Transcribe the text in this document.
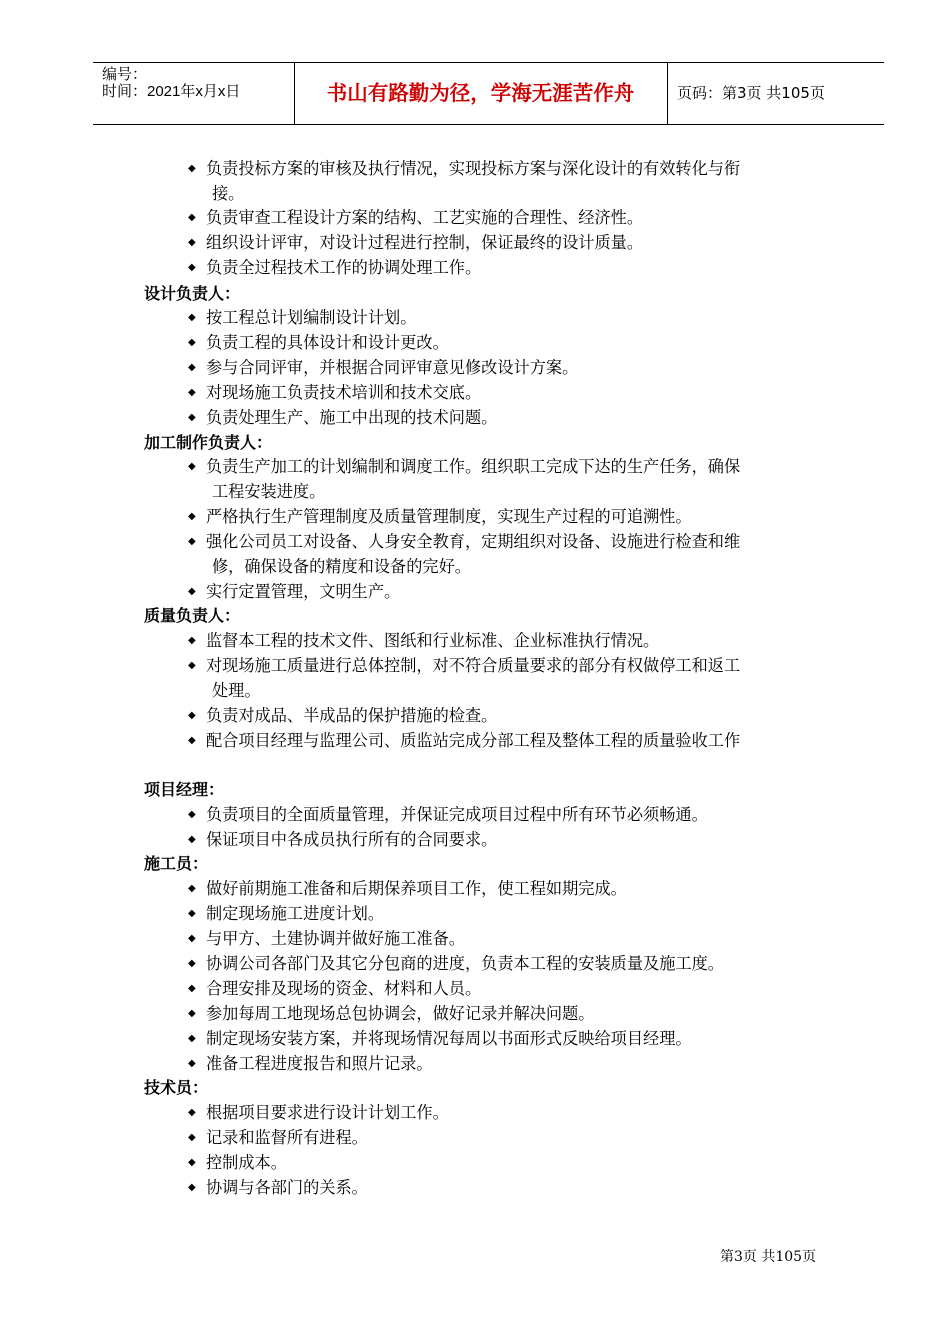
编号：
时间：2021年x月x日	书山有路勤为径，学海无涯苦作舟	页码：第3页 共105页
◆ 负责投标方案的审核及执行情况，实现投标方案与深化设计的有效转化与衔
接。
◆ 负责审查工程设计方案的结构、工艺实施的合理性、经济性。
◆ 组织设计评审，对设计过程进行控制，保证最终的设计质量。
◆ 负责全过程技术工作的协调处理工作。
设计负责人：
◆ 按工程总计划编制设计计划。
◆ 负责工程的具体设计和设计更改。
◆ 参与合同评审，并根据合同评审意见修改设计方案。
◆ 对现场施工负责技术培训和技术交底。
◆ 负责处理生产、施工中出现的技术问题。
加工制作负责人：
◆ 负责生产加工的计划编制和调度工作。组织职工完成下达的生产任务，确保
工程安装进度。
◆ 严格执行生产管理制度及质量管理制度，实现生产过程的可追溯性。
◆ 强化公司员工对设备、人身安全教育，定期组织对设备、设施进行检查和维
修，确保设备的精度和设备的完好。
◆ 实行定置管理，文明生产。
质量负责人：
◆ 监督本工程的技术文件、图纸和行业标准、企业标准执行情况。
◆ 对现场施工质量进行总体控制，对不符合质量要求的部分有权做停工和返工
处理。
◆ 负责对成品、半成品的保护措施的检查。
◆ 配合项目经理与监理公司、质监站完成分部工程及整体工程的质量验收工作
项目经理：
◆ 负责项目的全面质量管理，并保证完成项目过程中所有环节必须畅通。
◆ 保证项目中各成员执行所有的合同要求。
施工员：
◆ 做好前期施工准备和后期保养项目工作，使工程如期完成。
◆ 制定现场施工进度计划。
◆ 与甲方、土建协调并做好施工准备。
◆ 协调公司各部门及其它分包商的进度，负责本工程的安装质量及施工度。
◆ 合理安排及现场的资金、材料和人员。
◆ 参加每周工地现场总包协调会，做好记录并解决问题。
◆ 制定现场安装方案，并将现场情况每周以书面形式反映给项目经理。
◆ 准备工程进度报告和照片记录。
技术员：
◆ 根据项目要求进行设计计划工作。
◆ 记录和监督所有进程。
◆ 控制成本。
◆ 协调与各部门的关系。
第3页 共105页
